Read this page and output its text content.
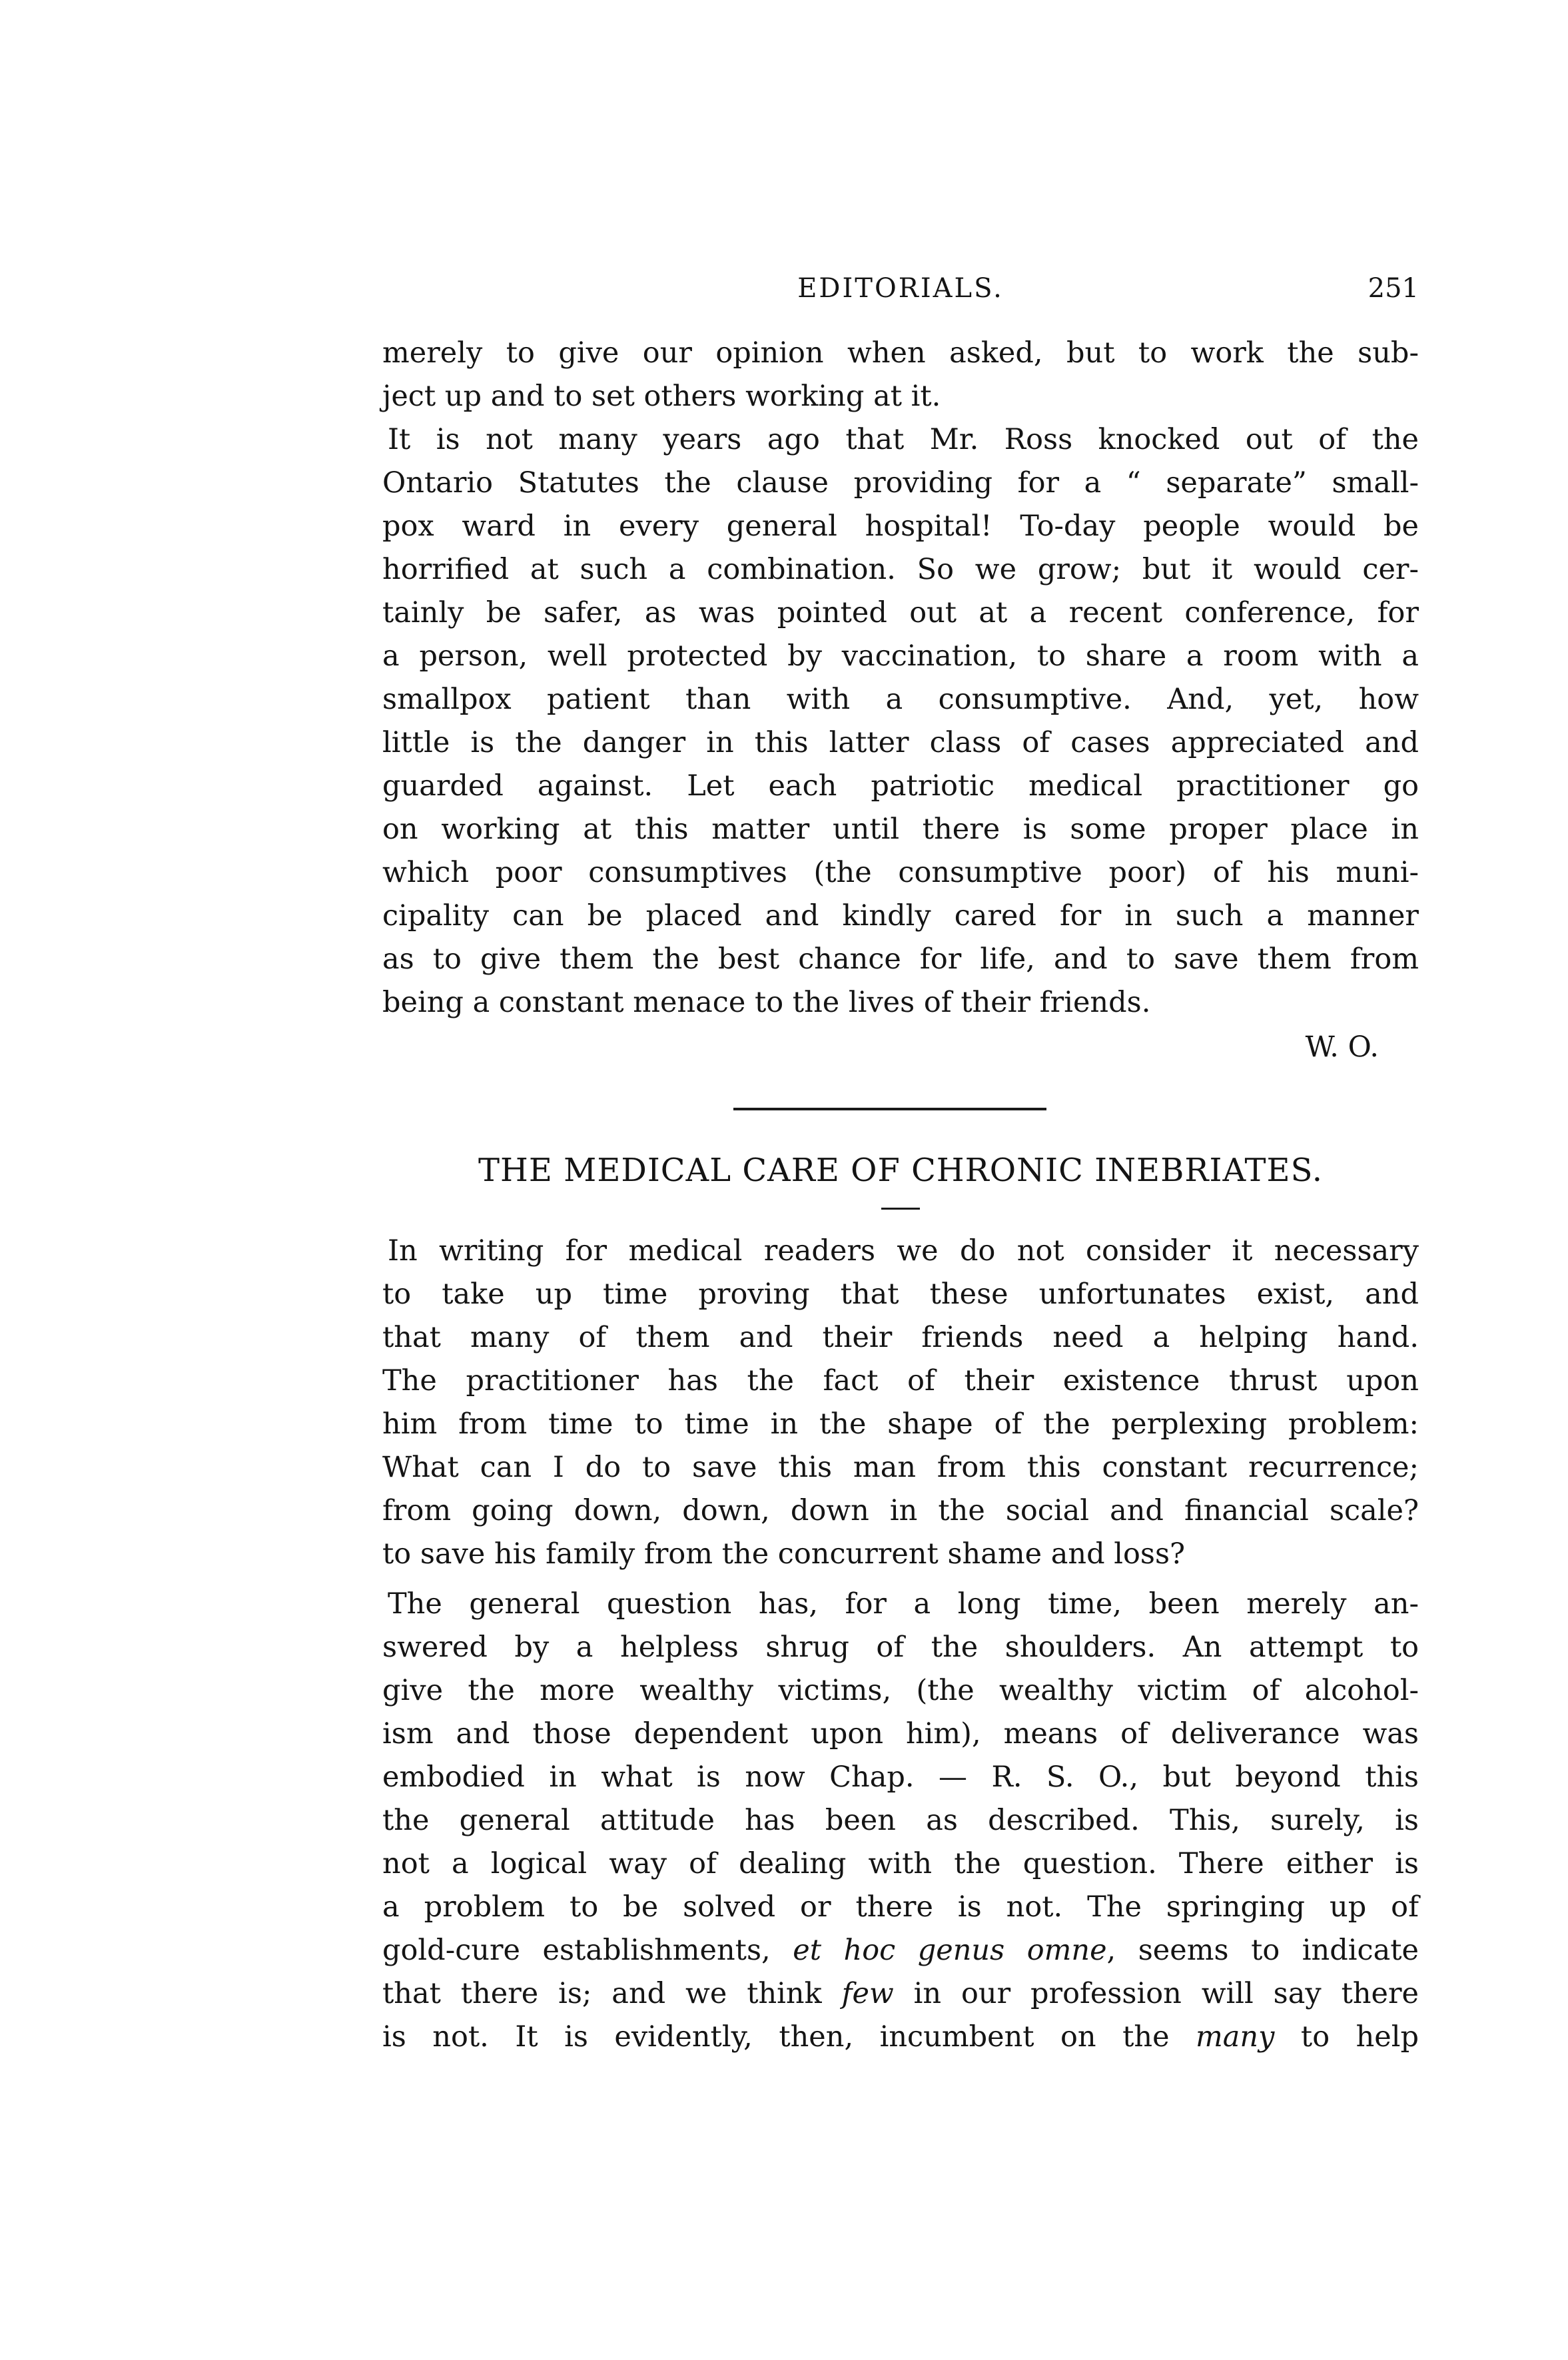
EDITORIALS.	251

merely to give our opinion when asked, but to work the sub-
ject up and to set others working at it.

It is not many years ago that Mr. Ross knocked out of the
Ontario Statutes the clause providing for a “ separate” small-
pox ward in every general hospital! To-day people would be
horrified at such a combination. So we grow; but it would cer-
tainly be safer, as was pointed out at a recent conference, for
a person, well protected by vaccination, to share a room with a
smallpox patient than with a consumptive. And, yet, how
little is the danger in this latter class of cases appreciated and
guarded against. Let each patriotic medical practitioner go
on working at this matter until there is some proper place in
which poor consumptives (the consumptive poor) of his muni-
cipality can be placed and kindly cared for in such a manner
as to give them the best chance for life, and to save them from
being a constant menace to the lives of their friends.

W. O.
THE MEDICAL CARE OF CHRONIC INEBRIATES.

In writing for medical readers we do not consider it necessary
to take up time proving that these unfortunates exist, and
that many of them and their friends need a helping hand.
The practitioner has the fact of their existence thrust upon
him from time to time in the shape of the perplexing problem:
What can I do to save this man from this constant recurrence;
from going down, down, down in the social and financial scale?
to save his family from the concurrent shame and loss?

The general question has, for a long time, been merely an-
swered by a helpless shrug of the shoulders. An attempt to
give the more wealthy victims, (the wealthy victim of alcohol-
ism and those dependent upon him), means of deliverance was
embodied in what is now Chap. — R. S. O., but beyond this
the general attitude has been as described. This, surely, is
not a logical way of dealing with the question. There either is
a problem to be solved or there is not. The springing up of
gold-cure establishments, et hoc genus omne, seems to indicate
that there is; and we think few in our profession will say there
is not. It is evidently, then, incumbent on the many to help
